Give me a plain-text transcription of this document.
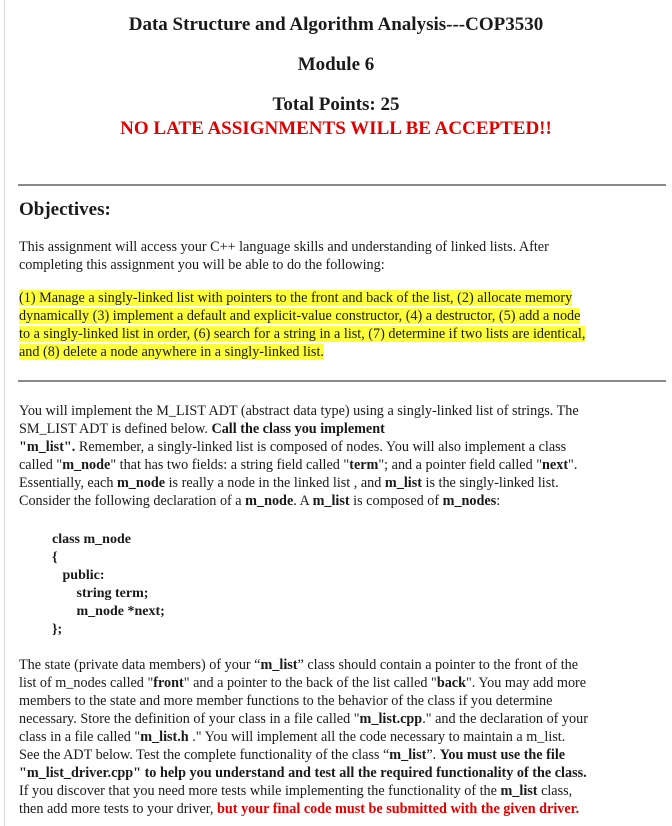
Data Structure and Algorithm Analysis---COP3530
Module 6
Total Points: 25
NO LATE ASSIGNMENTS WILL BE ACCEPTED!!
Objectives:
This assignment will access your C++ language skills and understanding of linked lists. After
completing this assignment you will be able to do the following:
(1) Manage a singly-linked list with pointers to the front and back of the list, (2) allocate memory
dynamically (3) implement a default and explicit-value constructor, (4) a destructor, (5) add a node
to a singly-linked list in order, (6) search for a string in a list, (7) determine if two lists are identical,
and (8) delete a node anywhere in a singly-linked list.
You will implement the M_LIST ADT (abstract data type) using a singly-linked list of strings. The
SM_LIST ADT is defined below. Call the class you implement
"m_list". Remember, a singly-linked list is composed of nodes. You will also implement a class
called "m_node" that has two fields: a string field called "term"; and a pointer field called "next".
Essentially, each m_node is really a node in the linked list , and m_list is the singly-linked list.
Consider the following declaration of a m_node. A m_list is composed of m_nodes:
class m_node
{
public:
string term;
m_node *next;
};
The state (private data members) of your “m_list” class should contain a pointer to the front of the
list of m_nodes called "front" and a pointer to the back of the list called "back". You may add more
members to the state and more member functions to the behavior of the class if you determine
necessary. Store the definition of your class in a file called "m_list.cpp." and the declaration of your
class in a file called "m_list.h ." You will implement all the code necessary to maintain a m_list.
See the ADT below. Test the complete functionality of the class “m_list”. You must use the file
"m_list_driver.cpp" to help you understand and test all the required functionality of the class.
If you discover that you need more tests while implementing the functionality of the m_list class,
then add more tests to your driver, but your final code must be submitted with the given driver.
